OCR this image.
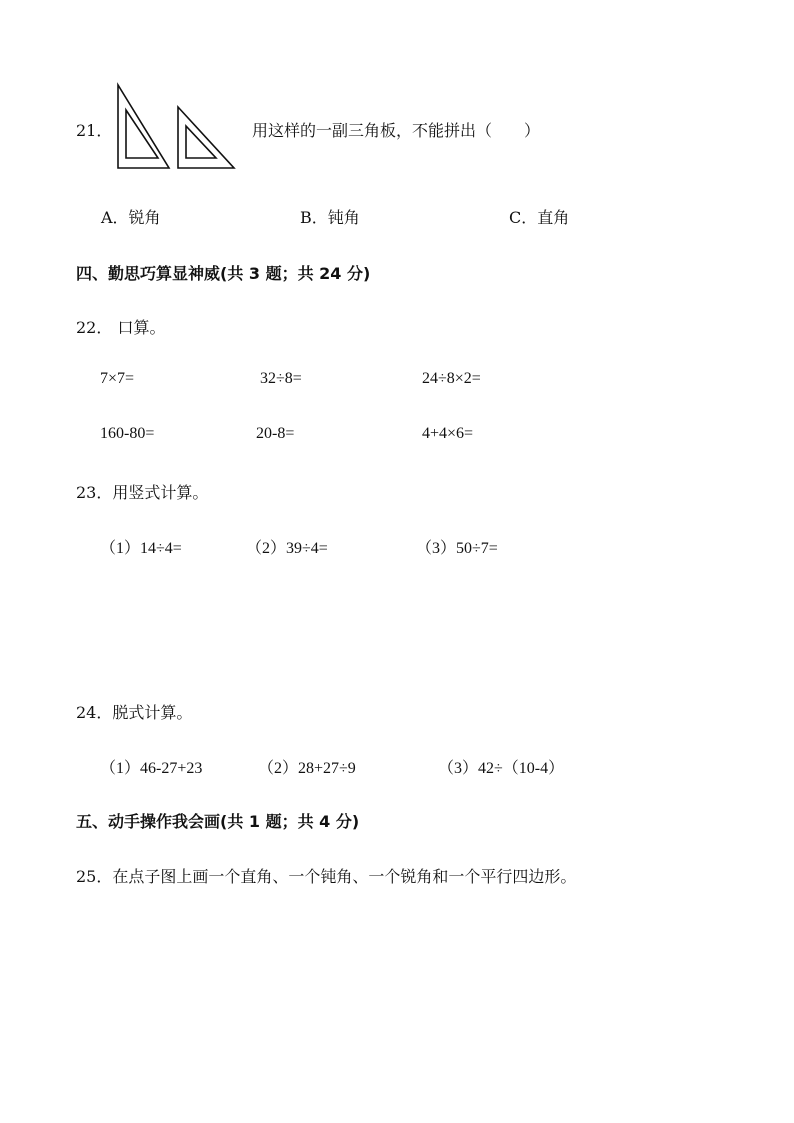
21．	用这样的一副三角板，不能拼出（　　）
A．锐角	B．钝角	C．直角
四、勤思巧算显神威(共 3 题；共 24 分)
22． 口算。
7×7=	32÷8=	24÷8×2=
160-80=	20-8=	4+4×6=
23．用竖式计算。
（1）14÷4=	（2）39÷4=	（3）50÷7=
24．脱式计算。
（1）46-27+23	（2）28+27÷9	（3）42÷（10-4）
五、动手操作我会画(共 1 题；共 4 分)
25．在点子图上画一个直角、一个钝角、一个锐角和一个平行四边形。
